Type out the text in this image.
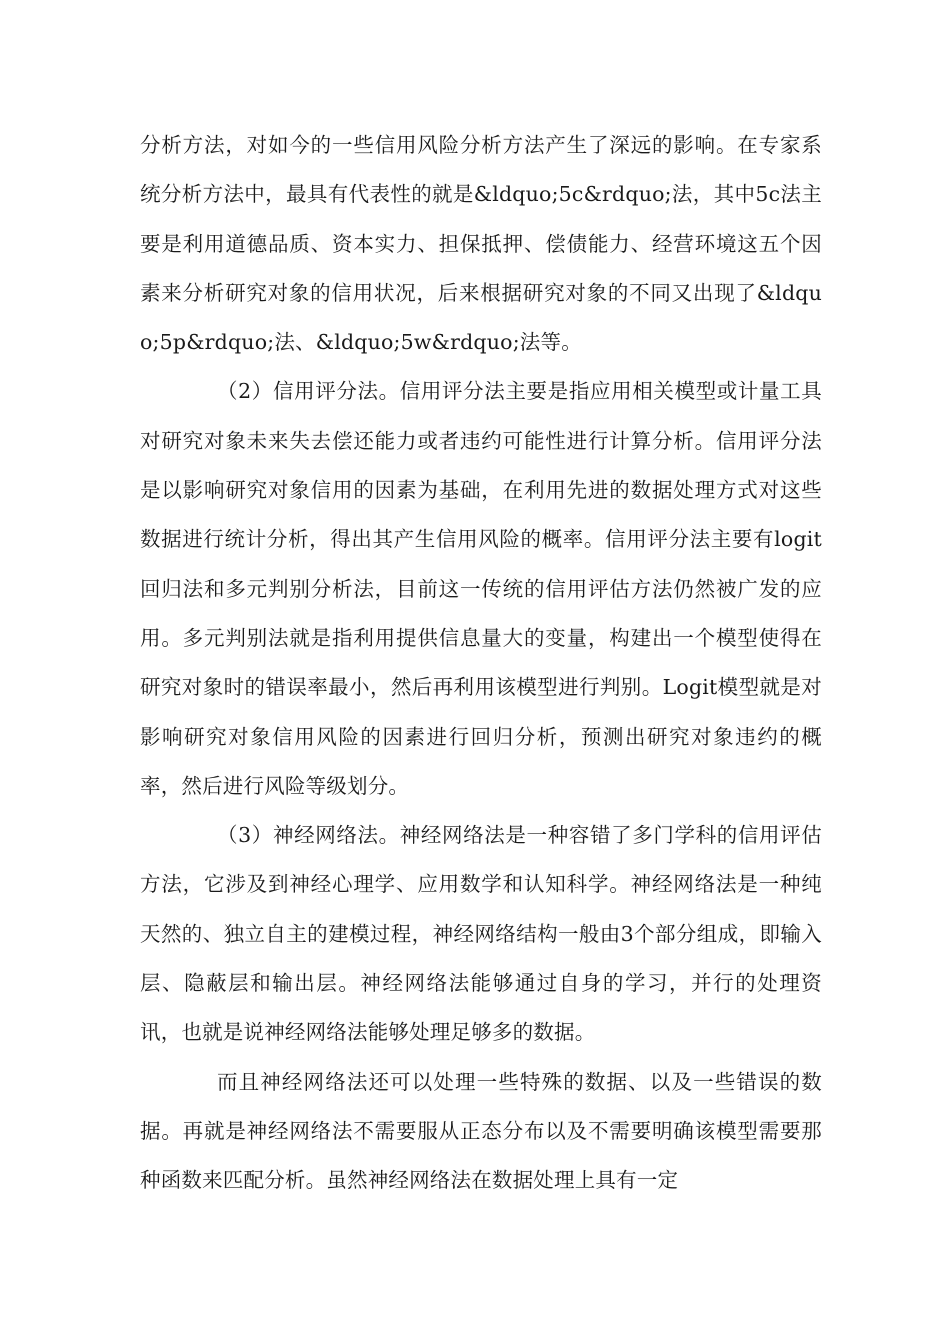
分析方法，对如今的一些信用风险分析方法产生了深远的影响。在专家系统分析方法中，最具有代表性的就是&ldquo;5c&rdquo;法，其中5c法主要是利用道德品质、资本实力、担保抵押、偿债能力、经营环境这五个因素来分析研究对象的信用状况，后来根据研究对象的不同又出现了&ldquo;5p&rdquo;法、&ldquo;5w&rdquo;法等。

（2）信用评分法。信用评分法主要是指应用相关模型或计量工具对研究对象未来失去偿还能力或者违约可能性进行计算分析。信用评分法是以影响研究对象信用的因素为基础，在利用先进的数据处理方式对这些数据进行统计分析，得出其产生信用风险的概率。信用评分法主要有logit回归法和多元判别分析法，目前这一传统的信用评估方法仍然被广发的应用。多元判别法就是指利用提供信息量大的变量，构建出一个模型使得在研究对象时的错误率最小，然后再利用该模型进行判别。Logit模型就是对影响研究对象信用风险的因素进行回归分析，预测出研究对象违约的概率，然后进行风险等级划分。

（3）神经网络法。神经网络法是一种容错了多门学科的信用评估方法，它涉及到神经心理学、应用数学和认知科学。神经网络法是一种纯天然的、独立自主的建模过程，神经网络结构一般由3个部分组成，即输入层、隐蔽层和输出层。神经网络法能够通过自身的学习，并行的处理资讯，也就是说神经网络法能够处理足够多的数据。

而且神经网络法还可以处理一些特殊的数据、以及一些错误的数据。再就是神经网络法不需要服从正态分布以及不需要明确该模型需要那种函数来匹配分析。虽然神经网络法在数据处理上具有一定
